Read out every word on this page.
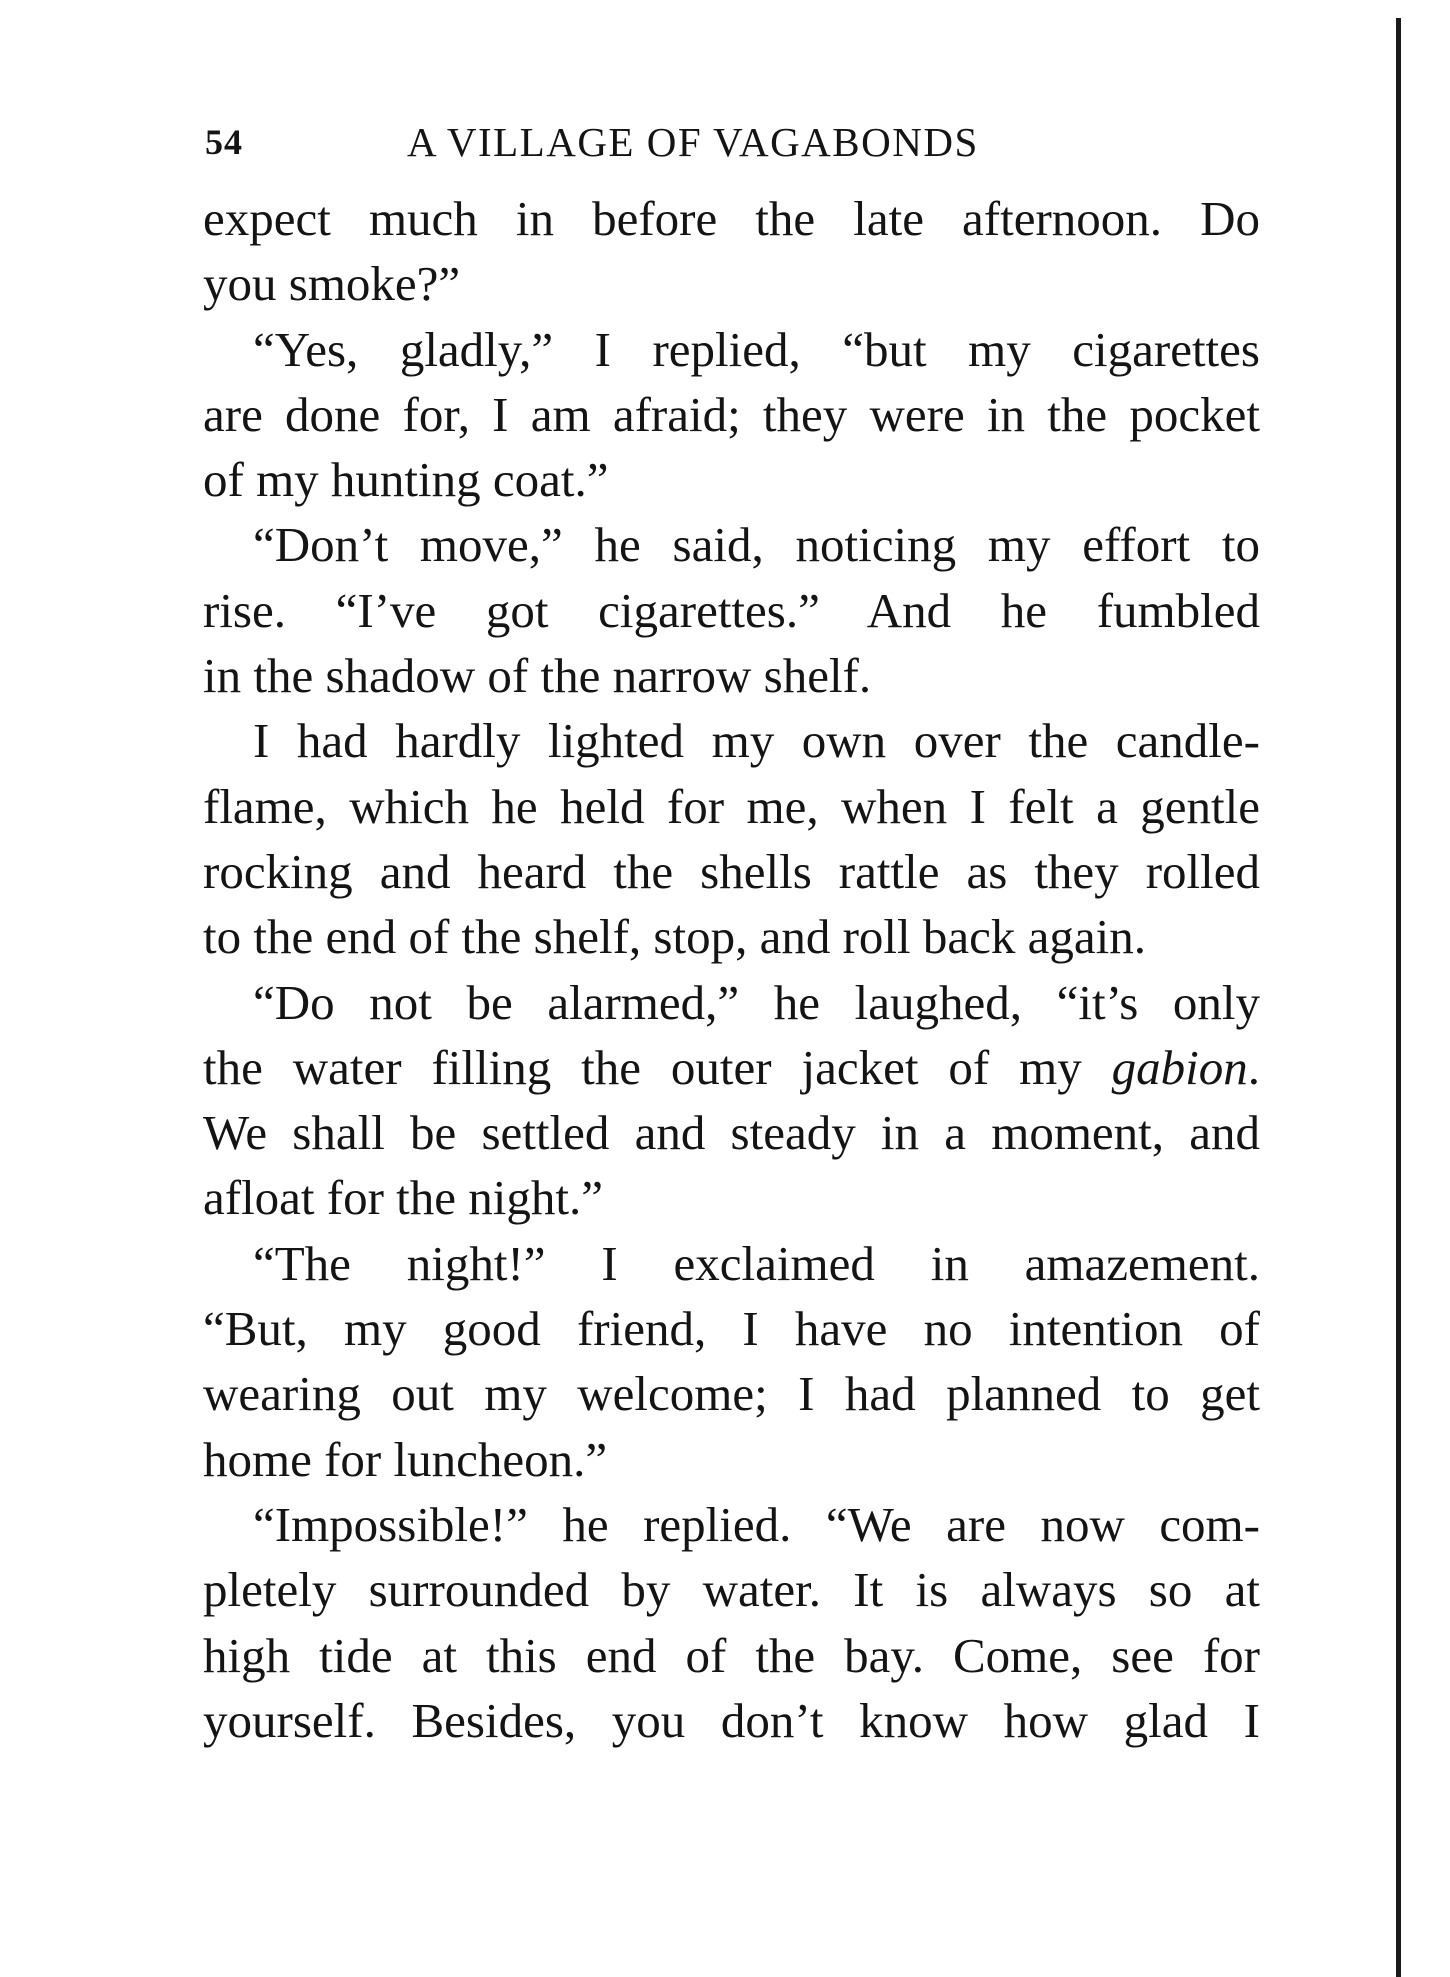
54	A VILLAGE OF VAGABONDS
expect much in before the late afternoon. Do
you smoke?”
“Yes, gladly,” I replied, “but my cigarettes
are done for, I am afraid; they were in the pocket
of my hunting coat.”
“Don’t move,” he said, noticing my effort to
rise. “I’ve got cigarettes.” And he fumbled
in the shadow of the narrow shelf.
I had hardly lighted my own over the candle-
flame, which he held for me, when I felt a gentle
rocking and heard the shells rattle as they rolled
to the end of the shelf, stop, and roll back again.
“Do not be alarmed,” he laughed, “it’s only
the water filling the outer jacket of my gabion.
We shall be settled and steady in a moment, and
afloat for the night.”
“The night!” I exclaimed in amazement.
“But, my good friend, I have no intention of
wearing out my welcome; I had planned to get
home for luncheon.”
“Impossible!” he replied. “We are now com-
pletely surrounded by water. It is always so at
high tide at this end of the bay. Come, see for
yourself. Besides, you don’t know how glad I
